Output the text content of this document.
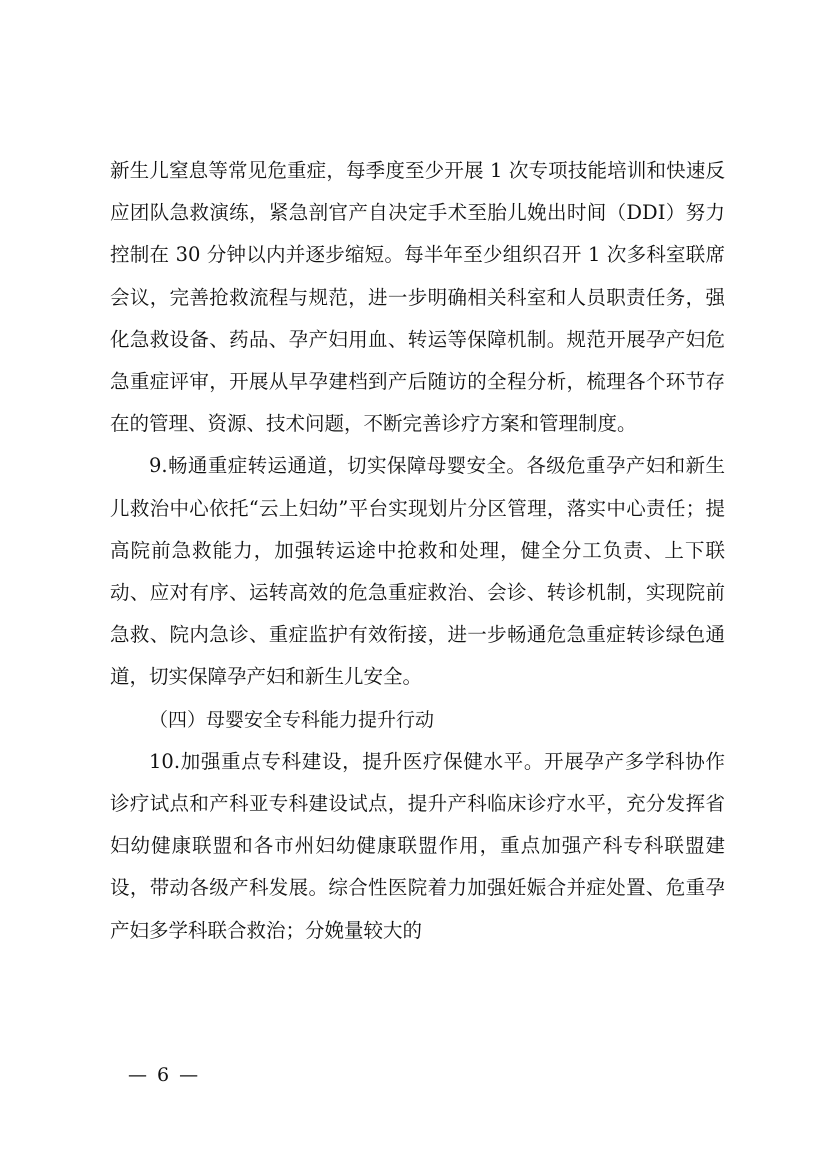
新生儿窒息等常见危重症，每季度至少开展 1 次专项技能培训和快速反应团队急救演练，紧急剖官产自决定手术至胎儿娩出时间（DDI）努力控制在 30 分钟以内并逐步缩短。每半年至少组织召开 1 次多科室联席会议，完善抢救流程与规范，进一步明确相关科室和人员职责任务，强化急救设备、药品、孕产妇用血、转运等保障机制。规范开展孕产妇危急重症评审，开展从早孕建档到产后随访的全程分析，梳理各个环节存在的管理、资源、技术问题，不断完善诊疗方案和管理制度。

9.畅通重症转运通道，切实保障母婴安全。各级危重孕产妇和新生儿救治中心依托“云上妇幼”平台实现划片分区管理，落实中心责任；提高院前急救能力，加强转运途中抢救和处理，健全分工负责、上下联动、应对有序、运转高效的危急重症救治、会诊、转诊机制，实现院前急救、院内急诊、重症监护有效衔接，进一步畅通危急重症转诊绿色通道，切实保障孕产妇和新生儿安全。

（四）母婴安全专科能力提升行动

10.加强重点专科建设，提升医疗保健水平。开展孕产多学科协作诊疗试点和产科亚专科建设试点，提升产科临床诊疗水平，充分发挥省妇幼健康联盟和各市州妇幼健康联盟作用，重点加强产科专科联盟建设，带动各级产科发展。综合性医院着力加强妊娠合并症处置、危重孕产妇多学科联合救治；分娩量较大的

— 6 —
